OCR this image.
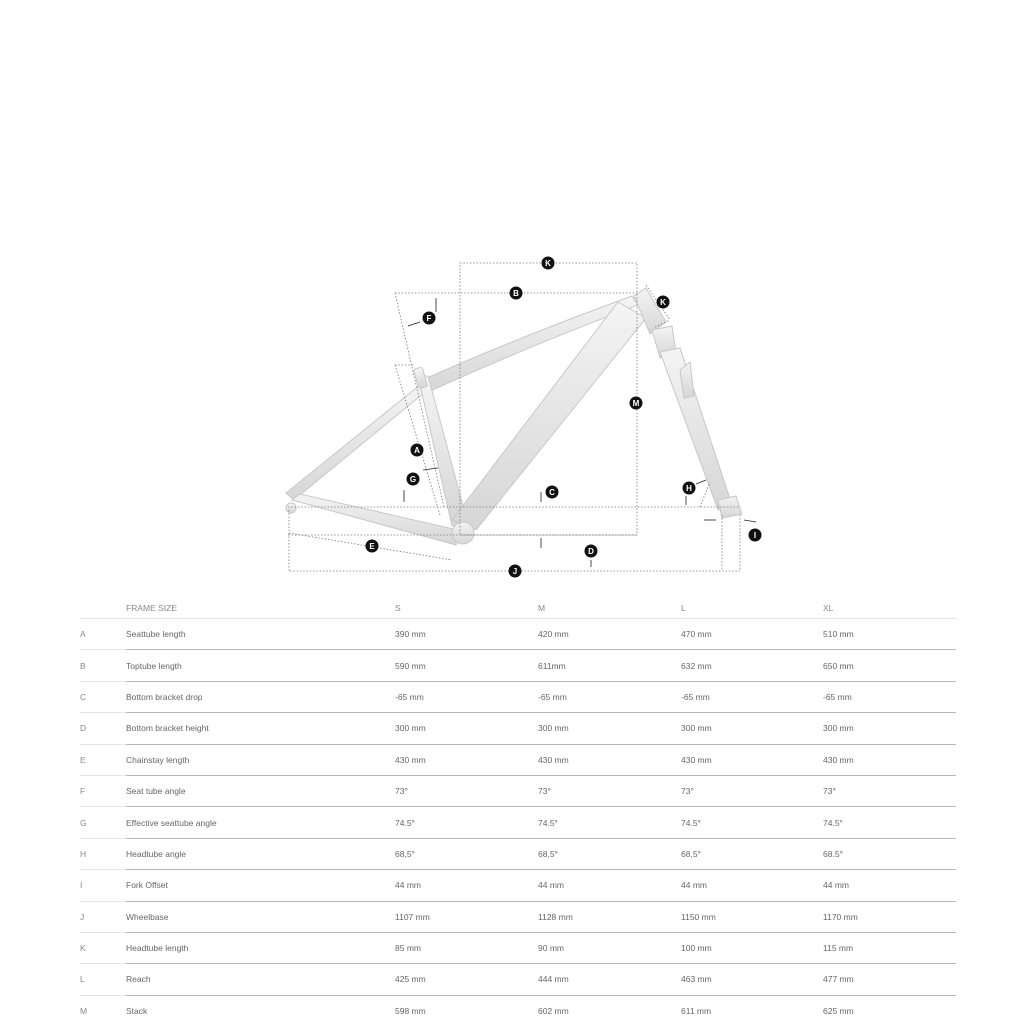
K
B
K
F
M
A
G
C	H
I
E
D
J
	FRAME SIZE	S	M	L	XL
A	Seattube length	390 mm	420 mm	470 mm	510 mm
B	Toptube length	590 mm	611mm	632 mm	650 mm
C	Bottom bracket drop	-65 mm	-65 mm	-65 mm	-65 mm
D	Bottom bracket height	300 mm	300 mm	300 mm	300 mm
E	Chainstay length	430 mm	430 mm	430 mm	430 mm
F	Seat tube angle	73°	73°	73°	73°
G	Effective seattube angle	74.5°	74.5°	74.5°	74.5°
H	Headtube angle	68,5°	68,5°	68,5°	68.5°
I	Fork Offset	44 mm	44 mm	44 mm	44 mm
J	Wheelbase	1107 mm	1128 mm	1150 mm	1170 mm
K	Headtube length	85 mm	90 mm	100 mm	115 mm
L	Reach	425 mm	444 mm	463 mm	477 mm
M	Stack	598 mm	602 mm	611 mm	625 mm
